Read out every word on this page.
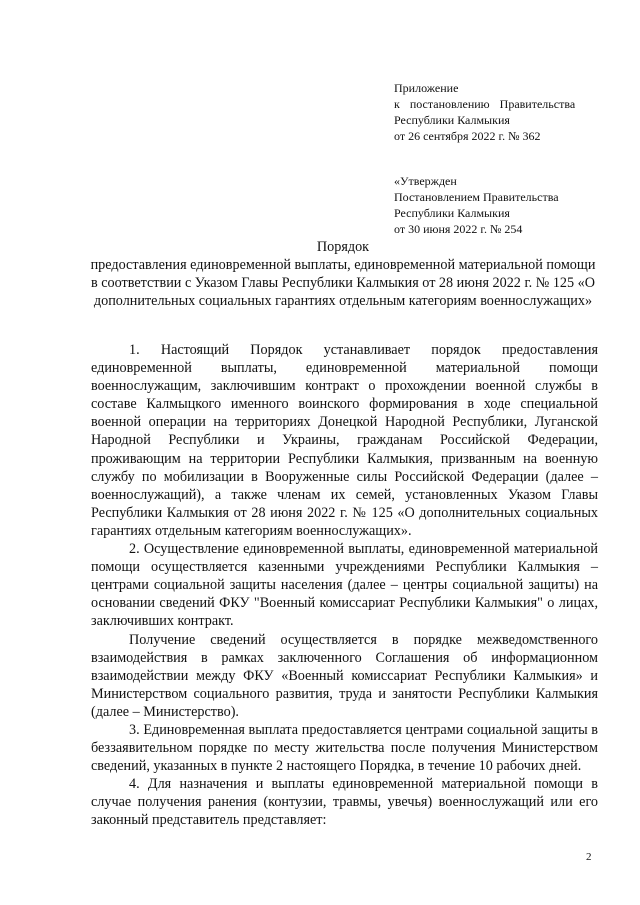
Приложение
к постановлению Правительства
Республики Калмыкия
от 26 сентября 2022 г. № 362
«Утвержден
Постановлением Правительства
Республики Калмыкия
от 30 июня 2022 г. № 254
Порядок
предоставления единовременной выплаты, единовременной материальной помощи в соответствии с Указом Главы Республики Калмыкия от 28 июня 2022 г. № 125 «О дополнительных социальных гарантиях отдельным категориям военнослужащих»

1. Настоящий Порядок устанавливает порядок предоставления единовременной выплаты, единовременной материальной помощи военнослужащим, заключившим контракт о прохождении военной службы в составе Калмыцкого именного воинского формирования в ходе специальной военной операции на территориях Донецкой Народной Республики, Луганской Народной Республики и Украины, гражданам Российской Федерации, проживающим на территории Республики Калмыкия, призванным на военную службу по мобилизации в Вооруженные силы Российской Федерации (далее – военнослужащий), а также членам их семей, установленных Указом Главы Республики Калмыкия от 28 июня 2022 г. № 125 «О дополнительных социальных гарантиях отдельным категориям военнослужащих».

2. Осуществление единовременной выплаты, единовременной материальной помощи осуществляется казенными учреждениями Республики Калмыкия – центрами социальной защиты населения (далее – центры социальной защиты) на основании сведений ФКУ "Военный комиссариат Республики Калмыкия" о лицах, заключивших контракт.

Получение сведений осуществляется в порядке межведомственного взаимодействия в рамках заключенного Соглашения об информационном взаимодействии между ФКУ «Военный комиссариат Республики Калмыкия» и Министерством социального развития, труда и занятости Республики Калмыкия (далее – Министерство).

3. Единовременная выплата предоставляется центрами социальной защиты в беззаявительном порядке по месту жительства после получения Министерством сведений, указанных в пункте 2 настоящего Порядка, в течение 10 рабочих дней.

4. Для назначения и выплаты единовременной материальной помощи в случае получения ранения (контузии, травмы, увечья) военнослужащий или его законный представитель представляет:

2
